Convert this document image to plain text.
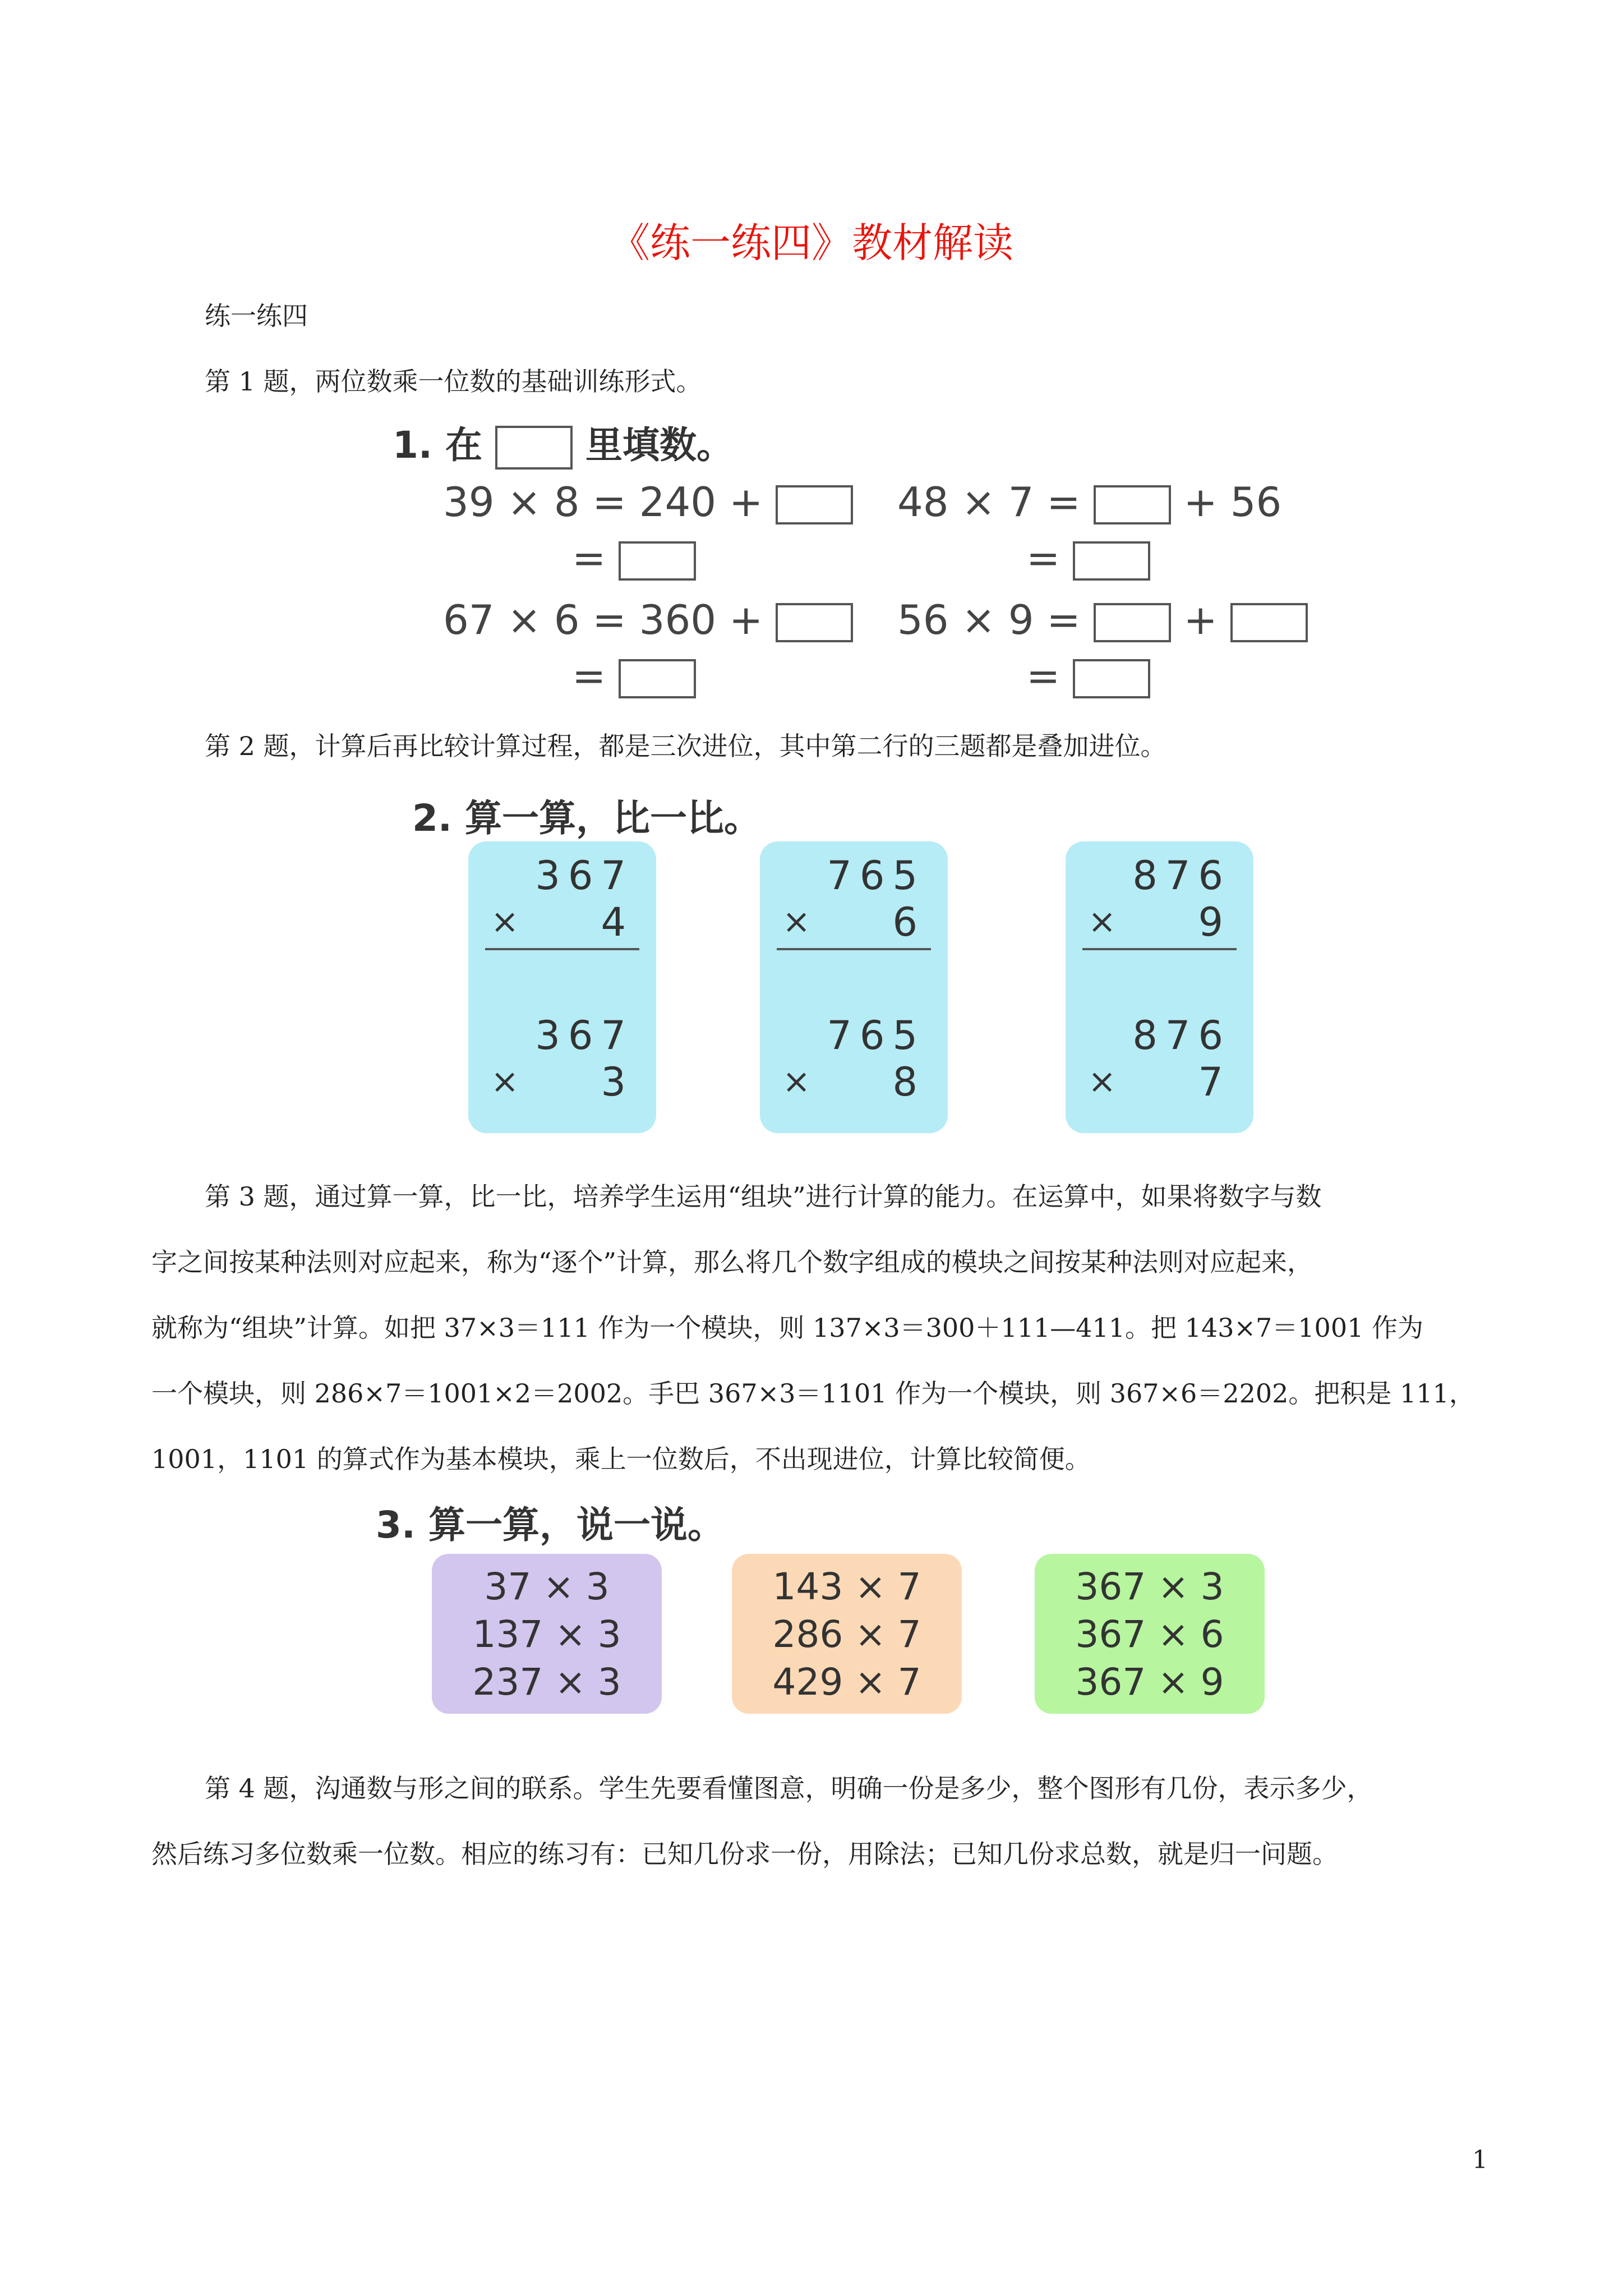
《练一练四》教材解读
练一练四
第 1 题，两位数乘一位数的基础训练形式。
1. 在	里填数。
39 × 8 = 240 +
=
67 × 6 = 360 +
=
48 × 7 =	+ 56
=
56 × 9 =	+
=
第 2 题，计算后再比较计算过程，都是三次进位，其中第二行的三题都是叠加进位。
2. 算一算，比一比。
367
× 4
367
× 3
765
× 6
765
× 8
876
× 9
876
× 7
第 3 题，通过算一算，比一比，培养学生运用“组块”进行计算的能力。在运算中，如果将数字与数
字之间按某种法则对应起来，称为“逐个”计算，那么将几个数字组成的模块之间按某种法则对应起来，
就称为“组块”计算。如把 37×3＝111 作为一个模块，则 137×3＝300＋111—411。把 143×7＝1001 作为
一个模块，则 286×7＝1001×2＝2002。手巴 367×3＝1101 作为一个模块，则 367×6＝2202。把积是 111，
1001，1101 的算式作为基本模块，乘上一位数后，不出现进位，计算比较简便。
3. 算一算，说一说。
37 × 3
137 × 3
237 × 3
143 × 7
286 × 7
429 × 7
367 × 3
367 × 6
367 × 9
第 4 题，沟通数与形之间的联系。学生先要看懂图意，明确一份是多少，整个图形有几份，表示多少，
然后练习多位数乘一位数。相应的练习有：已知几份求一份，用除法；已知几份求总数，就是归一问题。
1
